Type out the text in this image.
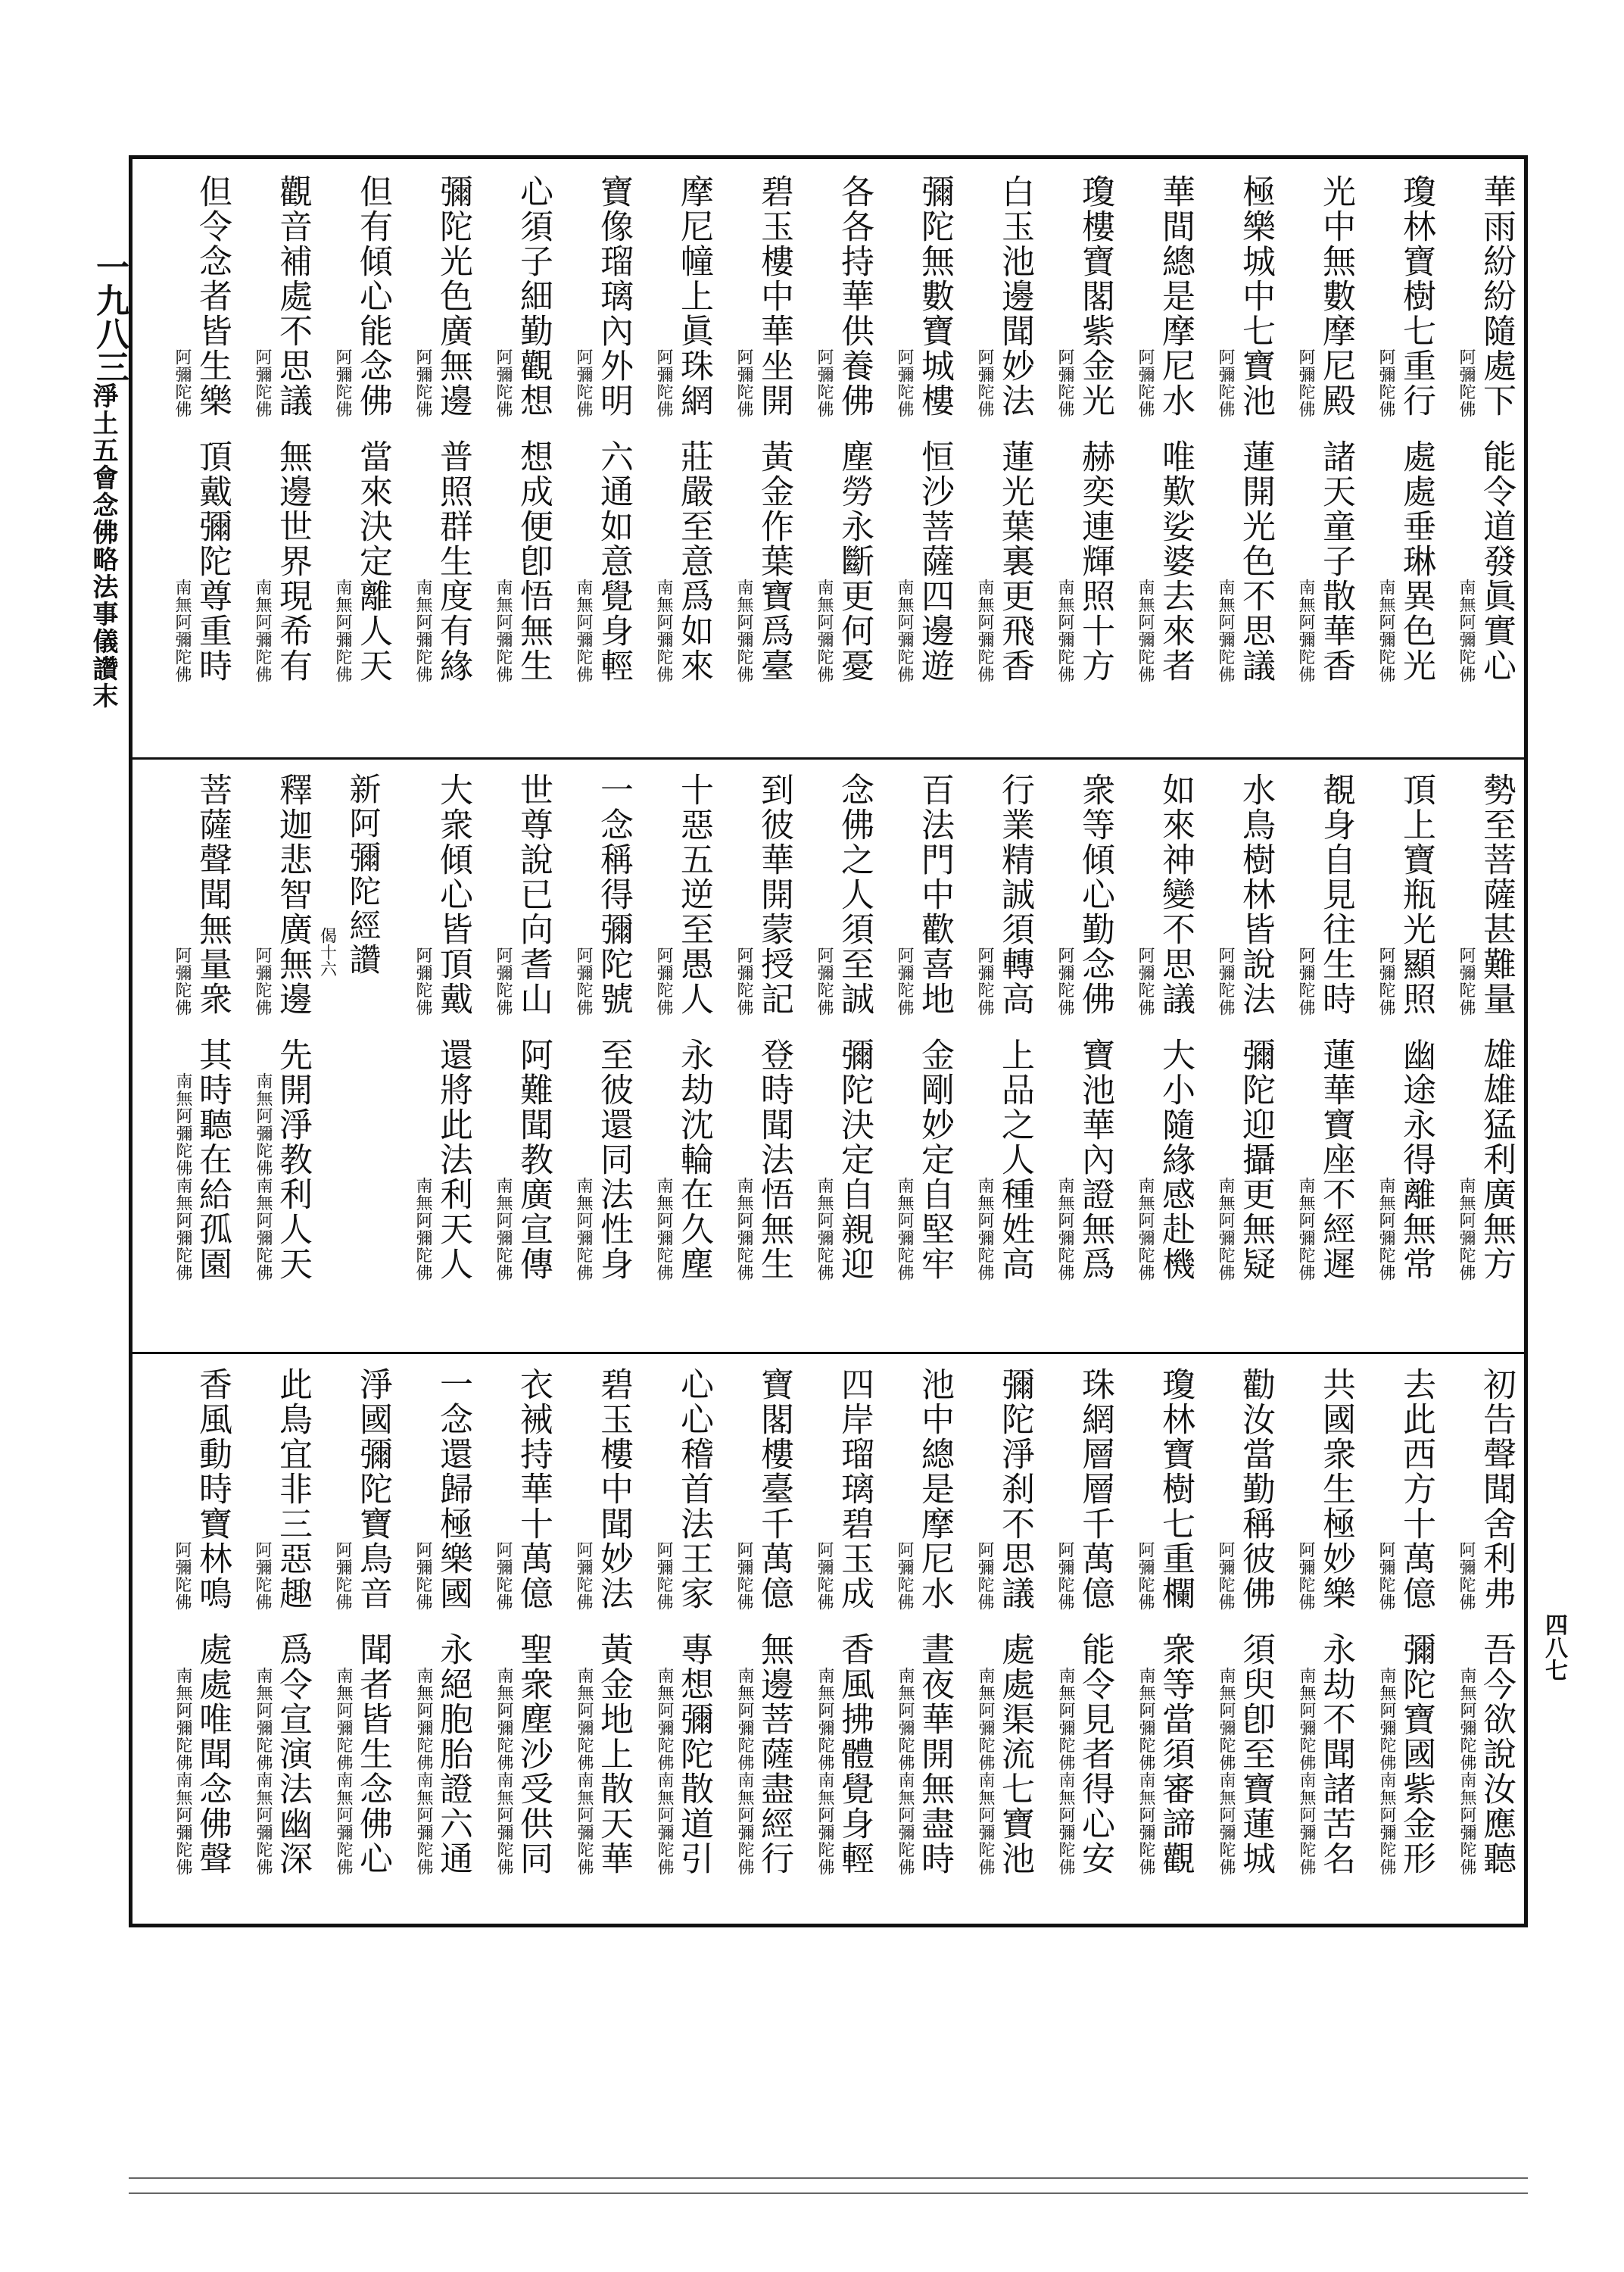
一九八三
淨土五會念佛略法事儀讚末
四八七
華雨紛紛隨處下
阿彌陀佛
能令道發眞實心
南無阿彌陀佛
瓊林寶樹七重行
阿彌陀佛
處處垂琳異色光
南無阿彌陀佛
光中無數摩尼殿
阿彌陀佛
諸天童子散華香
南無阿彌陀佛
極樂城中七寶池
阿彌陀佛
蓮開光色不思議
南無阿彌陀佛
華間總是摩尼水
阿彌陀佛
唯歎娑婆去來者
南無阿彌陀佛
瓊樓寶閣紫金光
阿彌陀佛
赫奕連輝照十方
南無阿彌陀佛
白玉池邊聞妙法
阿彌陀佛
蓮光葉裏更飛香
南無阿彌陀佛
彌陀無數寶城樓
阿彌陀佛
恒沙菩薩四邊遊
南無阿彌陀佛
各各持華供養佛
阿彌陀佛
塵勞永斷更何憂
南無阿彌陀佛
碧玉樓中華坐開
阿彌陀佛
黃金作葉寶爲臺
南無阿彌陀佛
摩尼幢上眞珠網
阿彌陀佛
莊嚴至意爲如來
南無阿彌陀佛
寶像瑠璃內外明
阿彌陀佛
六通如意覺身輕
南無阿彌陀佛
心須子細勤觀想
阿彌陀佛
想成便卽悟無生
南無阿彌陀佛
彌陀光色廣無邊
阿彌陀佛
普照群生度有緣
南無阿彌陀佛
但有傾心能念佛
阿彌陀佛
當來決定離人天
南無阿彌陀佛
觀音補處不思議
阿彌陀佛
無邊世界現希有
南無阿彌陀佛
但令念者皆生樂
阿彌陀佛
頂戴彌陀尊重時
南無阿彌陀佛
勢至菩薩甚難量
阿彌陀佛
雄雄猛利廣無方
南無阿彌陀佛
頂上寶瓶光顯照
阿彌陀佛
幽途永得離無常
南無阿彌陀佛
覩身自見往生時
阿彌陀佛
蓮華寶座不經遲
南無阿彌陀佛
水鳥樹林皆說法
阿彌陀佛
彌陀迎攝更無疑
南無阿彌陀佛
如來神變不思議
阿彌陀佛
大小隨緣感赴機
南無阿彌陀佛
衆等傾心勤念佛
阿彌陀佛
寶池華內證無爲
南無阿彌陀佛
行業精誠須轉高
阿彌陀佛
上品之人種姓高
南無阿彌陀佛
百法門中歡喜地
阿彌陀佛
金剛妙定自堅牢
南無阿彌陀佛
念佛之人須至誠
阿彌陀佛
彌陀決定自親迎
南無阿彌陀佛
到彼華開蒙授記
阿彌陀佛
登時聞法悟無生
南無阿彌陀佛
十惡五逆至愚人
阿彌陀佛
永劫沈輪在久塵
南無阿彌陀佛
一念稱得彌陀號
阿彌陀佛
至彼還同法性身
南無阿彌陀佛
世尊說已向耆山
阿彌陀佛
阿難聞教廣宣傳
南無阿彌陀佛
大衆傾心皆頂戴
阿彌陀佛
還將此法利天人
南無阿彌陀佛
新阿彌陀經讚
偈十六
釋迦悲智廣無邊
阿彌陀佛
先開淨教利人天
南無阿彌陀佛南無阿彌陀佛
菩薩聲聞無量衆
阿彌陀佛
其時聽在給孤園
南無阿彌陀佛南無阿彌陀佛
初告聲聞舍利弗
阿彌陀佛
吾今欲說汝應聽
南無阿彌陀佛南無阿彌陀佛
去此西方十萬億
阿彌陀佛
彌陀寶國紫金形
南無阿彌陀佛南無阿彌陀佛
共國衆生極妙樂
阿彌陀佛
永劫不聞諸苦名
南無阿彌陀佛南無阿彌陀佛
勸汝當勤稱彼佛
阿彌陀佛
須臾卽至寶蓮城
南無阿彌陀佛南無阿彌陀佛
瓊林寶樹七重欄
阿彌陀佛
衆等當須審諦觀
南無阿彌陀佛南無阿彌陀佛
珠網層層千萬億
阿彌陀佛
能令見者得心安
南無阿彌陀佛南無阿彌陀佛
彌陀淨刹不思議
阿彌陀佛
處處渠流七寶池
南無阿彌陀佛南無阿彌陀佛
池中總是摩尼水
阿彌陀佛
晝夜華開無盡時
南無阿彌陀佛南無阿彌陀佛
四岸瑠璃碧玉成
阿彌陀佛
香風拂體覺身輕
南無阿彌陀佛南無阿彌陀佛
寶閣樓臺千萬億
阿彌陀佛
無邊菩薩盡經行
南無阿彌陀佛南無阿彌陀佛
心心稽首法王家
阿彌陀佛
專想彌陀散道引
南無阿彌陀佛南無阿彌陀佛
碧玉樓中聞妙法
阿彌陀佛
黃金地上散天華
南無阿彌陀佛南無阿彌陀佛
衣裓持華十萬億
阿彌陀佛
聖衆塵沙受供同
南無阿彌陀佛南無阿彌陀佛
一念還歸極樂國
阿彌陀佛
永絕胞胎證六通
南無阿彌陀佛南無阿彌陀佛
淨國彌陀寶鳥音
阿彌陀佛
聞者皆生念佛心
南無阿彌陀佛南無阿彌陀佛
此鳥宜非三惡趣
阿彌陀佛
爲令宣演法幽深
南無阿彌陀佛南無阿彌陀佛
香風動時寶林鳴
阿彌陀佛
處處唯聞念佛聲
南無阿彌陀佛南無阿彌陀佛
